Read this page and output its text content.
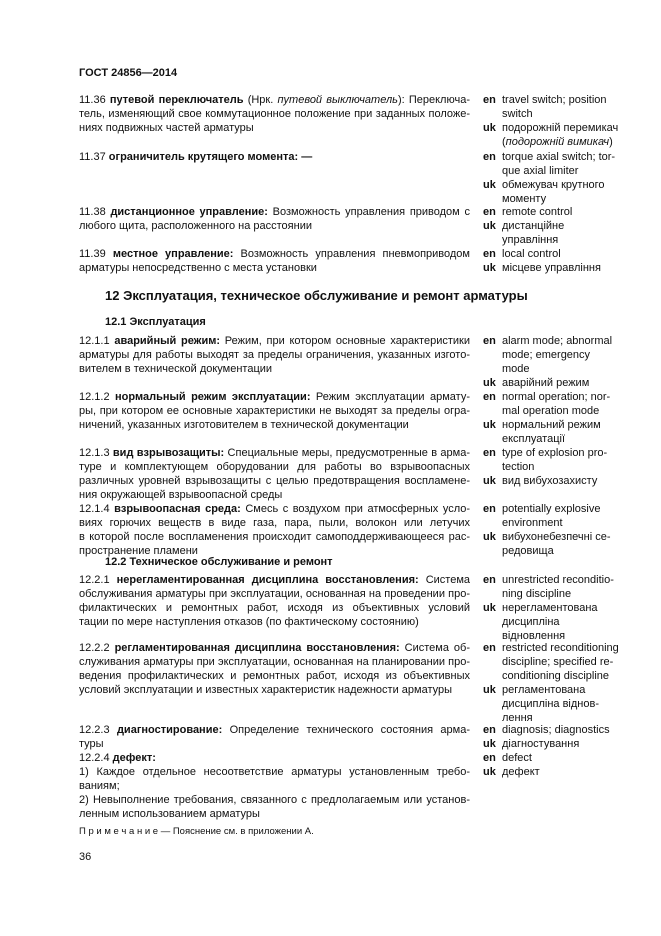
ГОСТ 24856—2014
12 Эксплуатация, техническое обслуживание и ремонт арматуры
12.1 Эксплуатация
12.2 Техническое обслуживание и ремонт
П р и м е ч а н и е — Пояснение см. в приложении А.
36
11.36 путевой переключатель (Нрк. путевой выключатель): Переключа-
тель, изменяющий свое коммутационное положение при заданных положе-
ниях подвижных частей арматуры
en travel switch; position
switch
uk подорожній перемикач
(подорожній вимикач)
11.37 ограничитель крутящего момента: —	en torque axial switch; tor-
que axial limiter
uk обмежувач крутного
моменту
11.38 дистанционное управление: Возможность управления приводом с
любого щита, расположенного на расстоянии
en remote control
uk дистанційне
управління
11.39 местное управление: Возможность управления пневмоприводом
арматуры непосредственно с места установки
en local control
uk місцеве управління
12.1.1 аварийный режим: Режим, при котором основные характеристики
арматуры для работы выходят за пределы ограничения, указанных изгото-
вителем в технической документации
en alarm mode; abnormal
mode; emergency
mode
uk аварійний режим
12.1.2 нормальный режим эксплуатации: Режим эксплуатации армату-
ры, при котором ее основные характеристики не выходят за пределы огра-
ничений, указанных изготовителем в технической документации
en normal operation; nor-
mal operation mode
uk нормальний режим
експлуатації
12.1.3 вид взрывозащиты: Специальные меры, предусмотренные в арма-
туре и комплектующем оборудовании для работы во взрывоопасных
различных уровней взрывозащиты с целью предотвращения воспламене-
ния окружающей взрывоопасной среды
en type of explosion pro-
tection
uk вид вибухозахисту
12.1.4 взрывоопасная среда: Смесь с воздухом при атмосферных усло-
виях горючих веществ в виде газа, пара, пыли, волокон или летучих
в которой после воспламенения происходит самоподдерживающееся рас-
пространение пламени
en potentially explosive
environment
uk вибухонебезпечні се-
редовища
12.2.1 нерегламентированная дисциплина восстановления: Система
обслуживания арматуры при эксплуатации, основанная на проведении про-
филактических и ремонтных работ, исходя из объективных условий
тации по мере наступления отказов (по фактическому состоянию)
en unrestricted reconditio-
ning discipline
uk нерегламентована
дисципліна
відновлення
12.2.2 регламентированная дисциплина восстановления: Система об-
служивания арматуры при эксплуатации, основанная на планировании про-
ведения профилактических и ремонтных работ, исходя из объективных
условий эксплуатации и известных характеристик надежности арматуры
en restricted reconditioning
discipline; specified re-
conditioning discipline
uk регламентована
дисципліна віднов-
лення
12.2.3 диагностирование: Определение технического состояния арма-
туры
en diagnosis; diagnostics
uk діагностування
12.2.4 дефект:
1) Каждое отдельное несоответствие арматуры установленным требо-
ваниям;
2) Невыполнение требования, связанного с предлолагаемым или установ-
ленным использованием арматуры
en defect
uk дефект
